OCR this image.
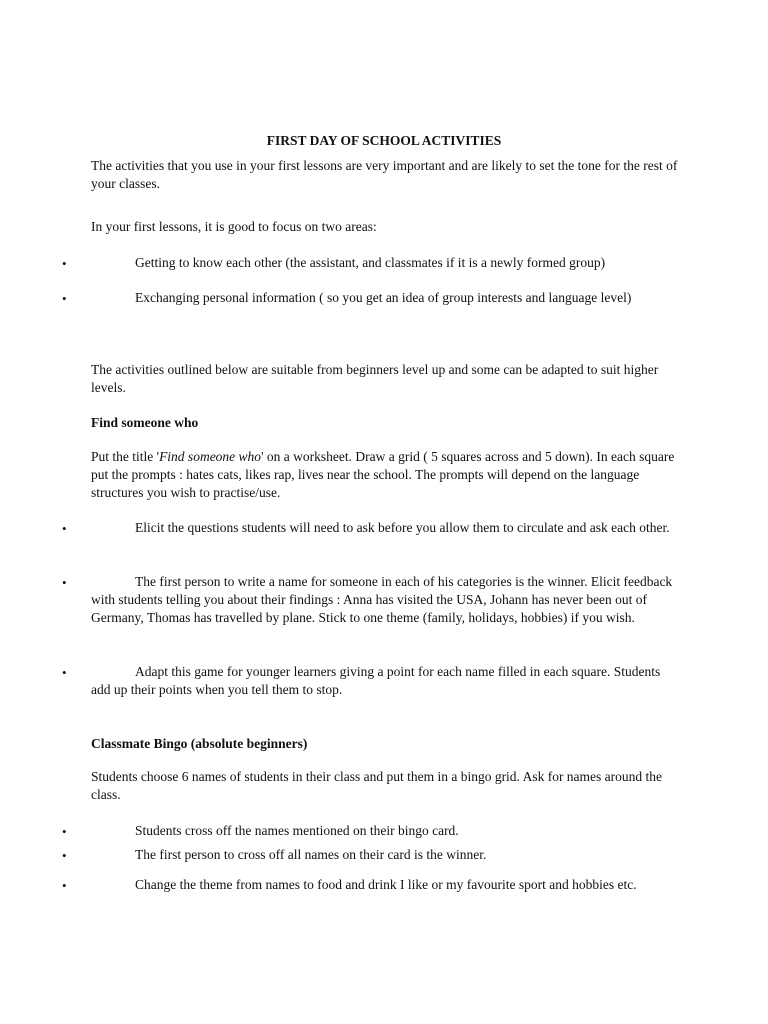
FIRST DAY OF SCHOOL ACTIVITIES

The activities that you use in your first lessons are very important and are likely to set the tone for the rest of your classes.

In your first lessons, it is good to focus on two areas:

•	Getting to know each other (the assistant, and classmates if it is a newly formed group)

•	Exchanging personal information ( so you get an idea of group interests and language level)

The activities outlined below are suitable from beginners level up and some can be adapted to suit higher levels.

Find someone who

Put the title 'Find someone who' on a worksheet. Draw a grid ( 5 squares across and 5 down). In each square put the prompts : hates cats, likes rap, lives near the school. The prompts will depend on the language structures you wish to practise/use.

•	Elicit the questions students will need to ask before you allow them to circulate and ask each other.

•	The first person to write a name for someone in each of his categories is the winner. Elicit feedback with students telling you about their findings : Anna has visited the USA, Johann has never been out of Germany, Thomas has travelled by plane. Stick to one theme (family, holidays, hobbies) if you wish.

•	Adapt this game for younger learners giving a point for each name filled in each square. Students add up their points when you tell them to stop.

Classmate Bingo (absolute beginners)

Students choose 6 names of students in their class and put them in a bingo grid. Ask for names around the class.

•	Students cross off the names mentioned on their bingo card.

•	The first person to cross off all names on their card is the winner.

•	Change the theme from names to food and drink I like or my favourite sport and hobbies etc.
